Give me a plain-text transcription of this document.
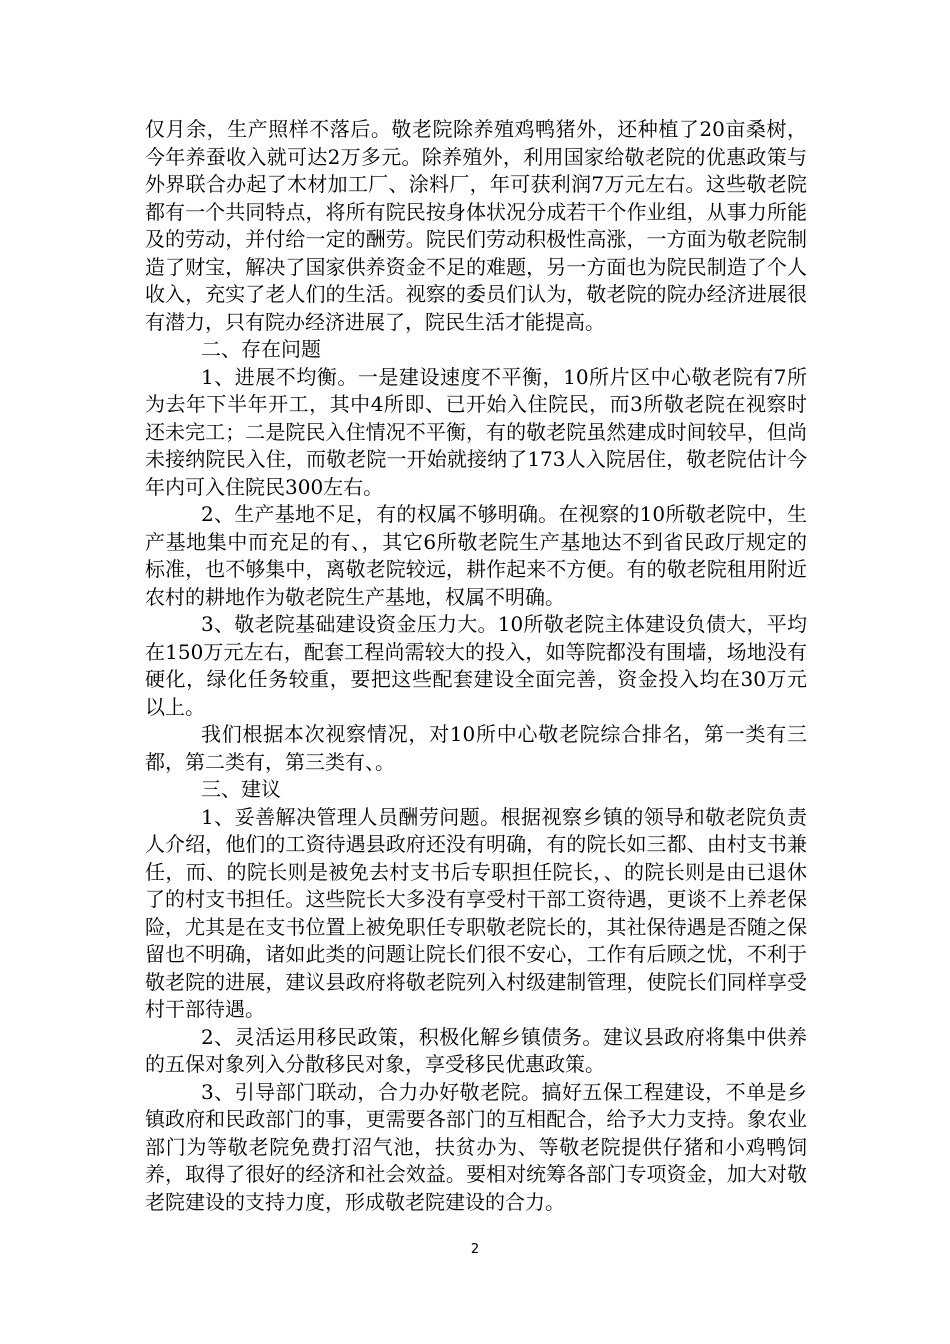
仅月余，生产照样不落后。敬老院除养殖鸡鸭猪外，还种植了20亩桑树，今年养蚕收入就可达2万多元。除养殖外，利用国家给敬老院的优惠政策与外界联合办起了木材加工厂、涂料厂，年可获利润7万元左右。这些敬老院都有一个共同特点，将所有院民按身体状况分成若干个作业组，从事力所能及的劳动，并付给一定的酬劳。院民们劳动积极性高涨，一方面为敬老院制造了财宝，解决了国家供养资金不足的难题，另一方面也为院民制造了个人收入，充实了老人们的生活。视察的委员们认为，敬老院的院办经济进展很有潜力，只有院办经济进展了，院民生活才能提高。

二、存在问题

1、进展不均衡。一是建设速度不平衡，10所片区中心敬老院有7所为去年下半年开工，其中4所即、已开始入住院民，而3所敬老院在视察时还未完工；二是院民入住情况不平衡，有的敬老院虽然建成时间较早，但尚未接纳院民入住，而敬老院一开始就接纳了173人入院居住，敬老院估计今年内可入住院民300左右。

2、生产基地不足，有的权属不够明确。在视察的10所敬老院中，生产基地集中而充足的有、，其它6所敬老院生产基地达不到省民政厅规定的标准，也不够集中，离敬老院较远，耕作起来不方便。有的敬老院租用附近农村的耕地作为敬老院生产基地，权属不明确。

3、敬老院基础建设资金压力大。10所敬老院主体建设负债大，平均在150万元左右，配套工程尚需较大的投入，如等院都没有围墙，场地没有硬化，绿化任务较重，要把这些配套建设全面完善，资金投入均在30万元以上。

我们根据本次视察情况，对10所中心敬老院综合排名，第一类有三都，第二类有，第三类有、。

三、建议

1、妥善解决管理人员酬劳问题。根据视察乡镇的领导和敬老院负责人介绍，他们的工资待遇县政府还没有明确，有的院长如三都、由村支书兼任，而、的院长则是被免去村支书后专职担任院长，、的院长则是由已退休了的村支书担任。这些院长大多没有享受村干部工资待遇，更谈不上养老保险，尤其是在支书位置上被免职任专职敬老院长的，其社保待遇是否随之保留也不明确，诸如此类的问题让院长们很不安心，工作有后顾之忧，不利于敬老院的进展，建议县政府将敬老院列入村级建制管理，使院长们同样享受村干部待遇。

2、灵活运用移民政策，积极化解乡镇债务。建议县政府将集中供养的五保对象列入分散移民对象，享受移民优惠政策。

3、引导部门联动，合力办好敬老院。搞好五保工程建设，不单是乡镇政府和民政部门的事，更需要各部门的互相配合，给予大力支持。象农业部门为等敬老院免费打沼气池，扶贫办为、等敬老院提供仔猪和小鸡鸭饲养，取得了很好的经济和社会效益。要相对统筹各部门专项资金，加大对敬老院建设的支持力度，形成敬老院建设的合力。

2
